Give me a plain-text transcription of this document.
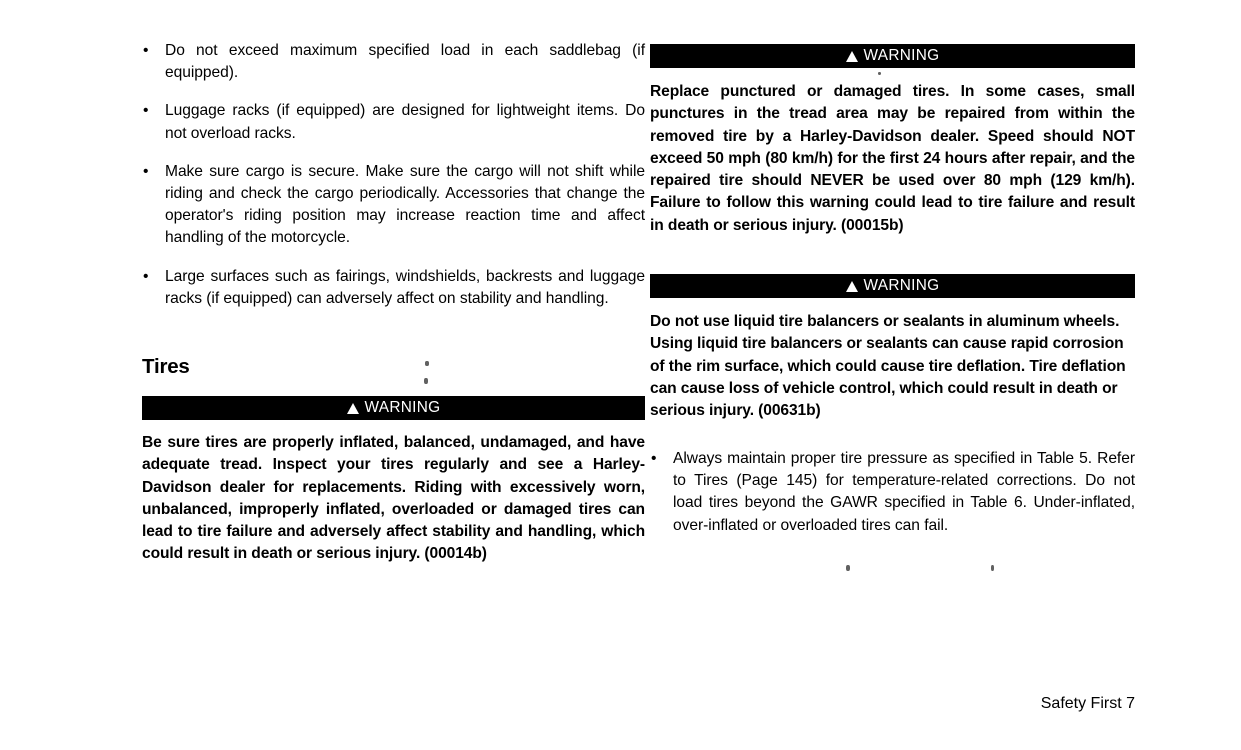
• Do not exceed maximum specified load in each saddlebag (if equipped).
• Luggage racks (if equipped) are designed for lightweight items. Do not overload racks.
• Make sure cargo is secure. Make sure the cargo will not shift while riding and check the cargo periodically. Accessories that change the operator's riding position may increase reaction time and affect handling of the motorcycle.
• Large surfaces such as fairings, windshields, backrests and luggage racks (if equipped) can adversely affect on stability and handling.
Tires
WARNING

Be sure tires are properly inflated, balanced, undamaged, and have adequate tread. Inspect your tires regularly and see a Harley-Davidson dealer for replacements. Riding with excessively worn, unbalanced, improperly inflated, overloaded or damaged tires can lead to tire failure and adversely affect stability and handling, which could result in death or serious injury. (00014b)

WARNING

Replace punctured or damaged tires. In some cases, small punctures in the tread area may be repaired from within the removed tire by a Harley-Davidson dealer. Speed should NOT exceed 50 mph (80 km/h) for the first 24 hours after repair, and the repaired tire should NEVER be used over 80 mph (129 km/h). Failure to follow this warning could lead to tire failure and result in death or serious injury. (00015b)

WARNING

Do not use liquid tire balancers or sealants in aluminum wheels. Using liquid tire balancers or sealants can cause rapid corrosion of the rim surface, which could cause tire deflation. Tire deflation can cause loss of vehicle control, which could result in death or serious injury. (00631b)

• Always maintain proper tire pressure as specified in Table 5. Refer to Tires (Page 145) for temperature-related corrections. Do not load tires beyond the GAWR specified in Table 6. Under-inflated, over-inflated or overloaded tires can fail.
Safety First 7
